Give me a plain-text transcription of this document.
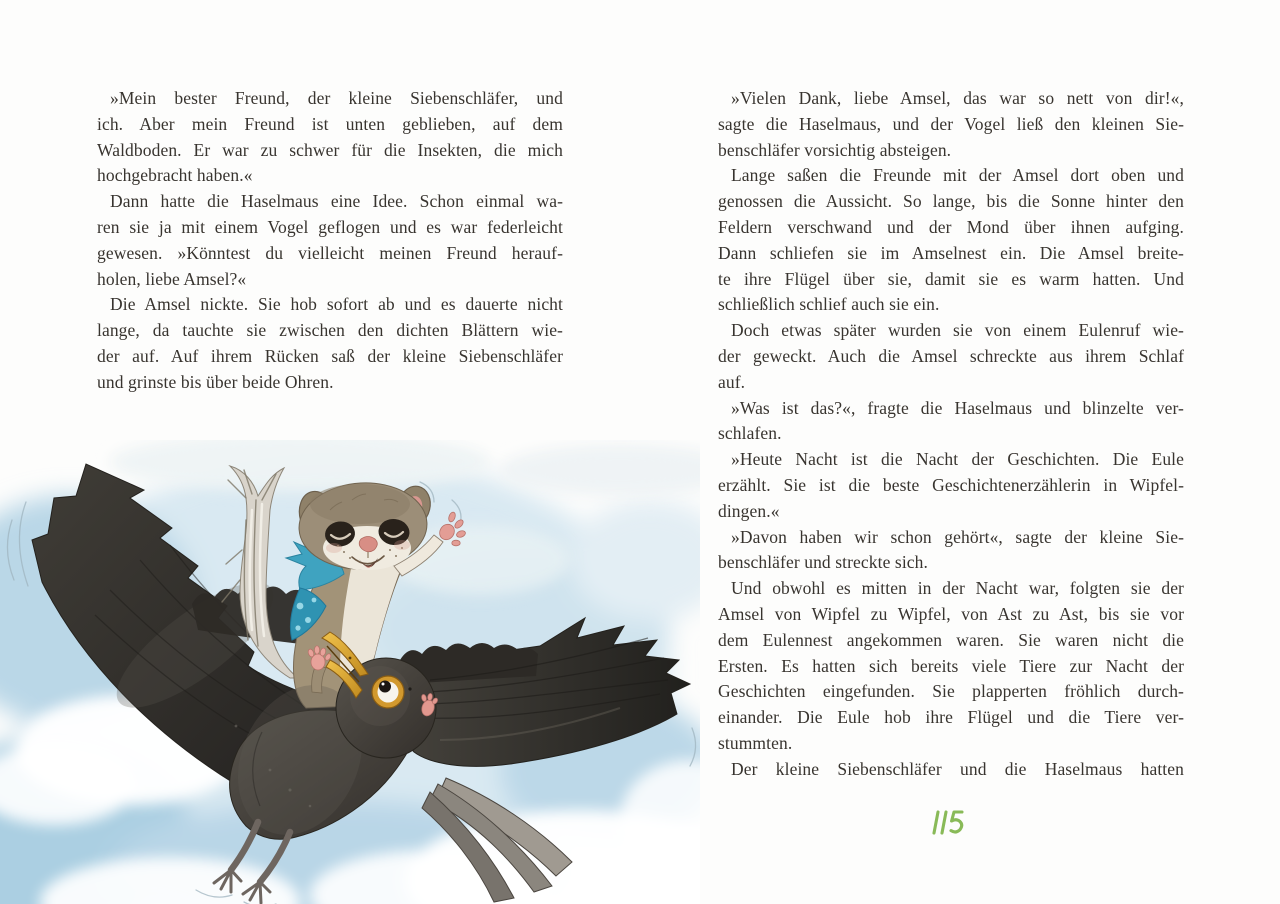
»Mein bester Freund, der kleine Siebenschläfer, und
ich. Aber mein Freund ist unten geblieben, auf dem
Waldboden. Er war zu schwer für die Insekten, die mich
hochgebracht haben.«
Dann hatte die Haselmaus eine Idee. Schon einmal wa-
ren sie ja mit einem Vogel geflogen und es war federleicht
gewesen. »Könntest du vielleicht meinen Freund herauf-
holen, liebe Amsel?«
Die Amsel nickte. Sie hob sofort ab und es dauerte nicht
lange, da tauchte sie zwischen den dichten Blättern wie-
der auf. Auf ihrem Rücken saß der kleine Siebenschläfer
und grinste bis über beide Ohren.
»Vielen Dank, liebe Amsel, das war so nett von dir!«,
sagte die Haselmaus, und der Vogel ließ den kleinen Sie-
benschläfer vorsichtig absteigen.
Lange saßen die Freunde mit der Amsel dort oben und
genossen die Aussicht. So lange, bis die Sonne hinter den
Feldern verschwand und der Mond über ihnen aufging.
Dann schliefen sie im Amselnest ein. Die Amsel breite-
te ihre Flügel über sie, damit sie es warm hatten. Und
schließlich schlief auch sie ein.
Doch etwas später wurden sie von einem Eulenruf wie-
der geweckt. Auch die Amsel schreckte aus ihrem Schlaf
auf.
»Was ist das?«, fragte die Haselmaus und blinzelte ver-
schlafen.
»Heute Nacht ist die Nacht der Geschichten. Die Eule
erzählt. Sie ist die beste Geschichtenerzählerin in Wipfel-
dingen.«
»Davon haben wir schon gehört«, sagte der kleine Sie-
benschläfer und streckte sich.
Und obwohl es mitten in der Nacht war, folgten sie der
Amsel von Wipfel zu Wipfel, von Ast zu Ast, bis sie vor
dem Eulennest angekommen waren. Sie waren nicht die
Ersten. Es hatten sich bereits viele Tiere zur Nacht der
Geschichten eingefunden. Sie plapperten fröhlich durch-
einander. Die Eule hob ihre Flügel und die Tiere ver-
stummten.
Der kleine Siebenschläfer und die Haselmaus hatten
